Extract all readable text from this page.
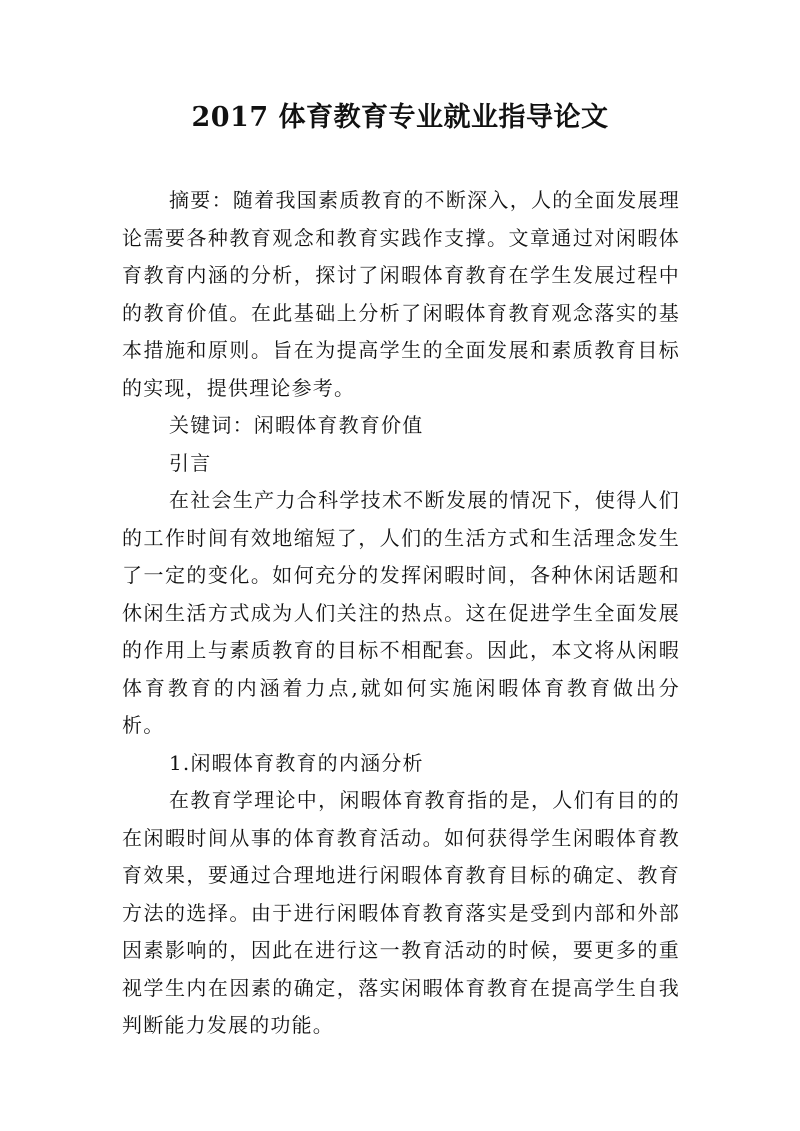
2017 体育教育专业就业指导论文

摘要：随着我国素质教育的不断深入，人的全面发展理论需要各种教育观念和教育实践作支撑。文章通过对闲暇体育教育内涵的分析，探讨了闲暇体育教育在学生发展过程中的教育价值。在此基础上分析了闲暇体育教育观念落实的基本措施和原则。旨在为提高学生的全面发展和素质教育目标的实现，提供理论参考。

关键词：闲暇体育教育价值

引言

在社会生产力合科学技术不断发展的情况下，使得人们的工作时间有效地缩短了，人们的生活方式和生活理念发生了一定的变化。如何充分的发挥闲暇时间，各种休闲话题和休闲生活方式成为人们关注的热点。这在促进学生全面发展的作用上与素质教育的目标不相配套。因此，本文将从闲暇体育教育的内涵着力点,就如何实施闲暇体育教育做出分析。

1.闲暇体育教育的内涵分析

在教育学理论中，闲暇体育教育指的是，人们有目的的在闲暇时间从事的体育教育活动。如何获得学生闲暇体育教育效果，要通过合理地进行闲暇体育教育目标的确定、教育方法的选择。由于进行闲暇体育教育落实是受到内部和外部因素影响的，因此在进行这一教育活动的时候，要更多的重视学生内在因素的确定，落实闲暇体育教育在提高学生自我判断能力发展的功能。
